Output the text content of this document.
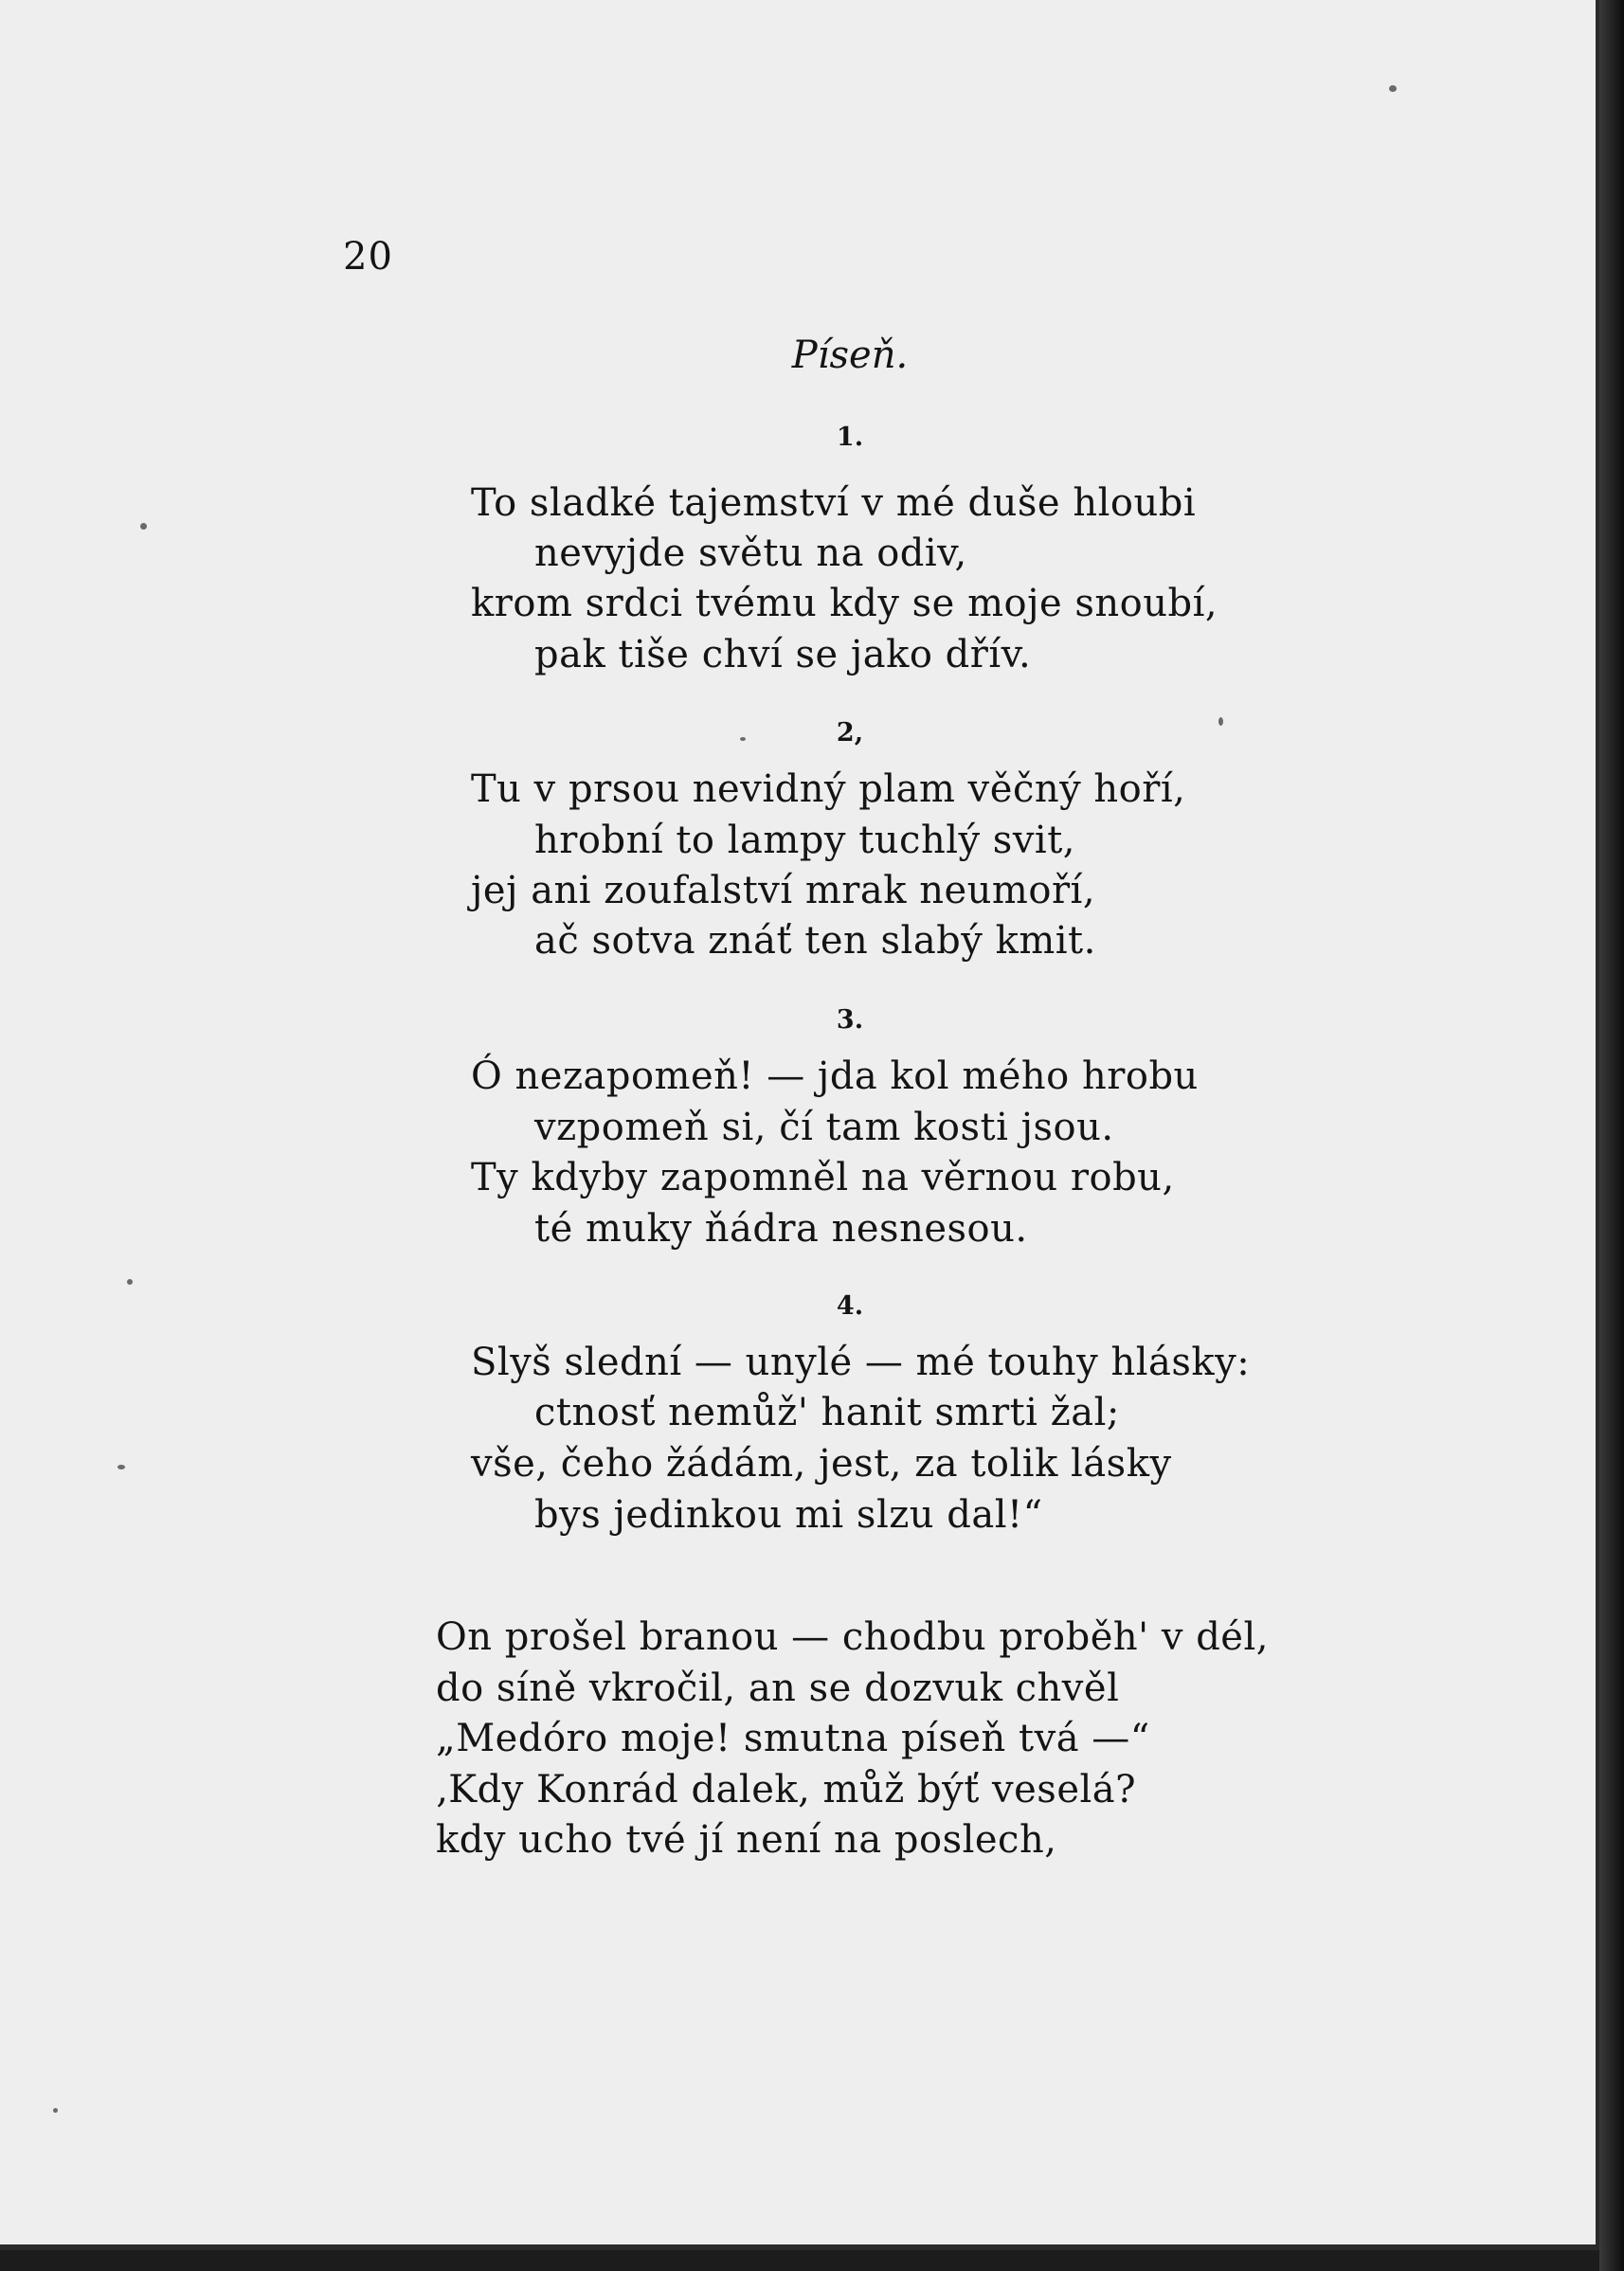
20
Píseň.
1.
To sladké tajemství v mé duše hloubi
nevyjde světu na odiv,
krom srdci tvému kdy se moje snoubí,
pak tiše chví se jako dřív.
2,
Tu v prsou nevidný plam věčný hoří,
hrobní to lampy tuchlý svit,
jej ani zoufalství mrak neumoří,
ač sotva znáť ten slabý kmit.
3.
Ó nezapomeň! — jda kol mého hrobu
vzpomeň si, čí tam kosti jsou.
Ty kdyby zapomněl na věrnou robu,
té muky ňádra nesnesou.
4.
Slyš slední — unylé — mé touhy hlásky:
ctnosť nemůž' hanit smrti žal;
vše, čeho žádám, jest, za tolik lásky
bys jedinkou mi slzu dal!“
On prošel branou — chodbu proběh' v dél,
do síně vkročil, an se dozvuk chvěl
„Medóro moje! smutna píseň tvá —“
‚Kdy Konrád dalek, můž býť veselá?
kdy ucho tvé jí není na poslech,
